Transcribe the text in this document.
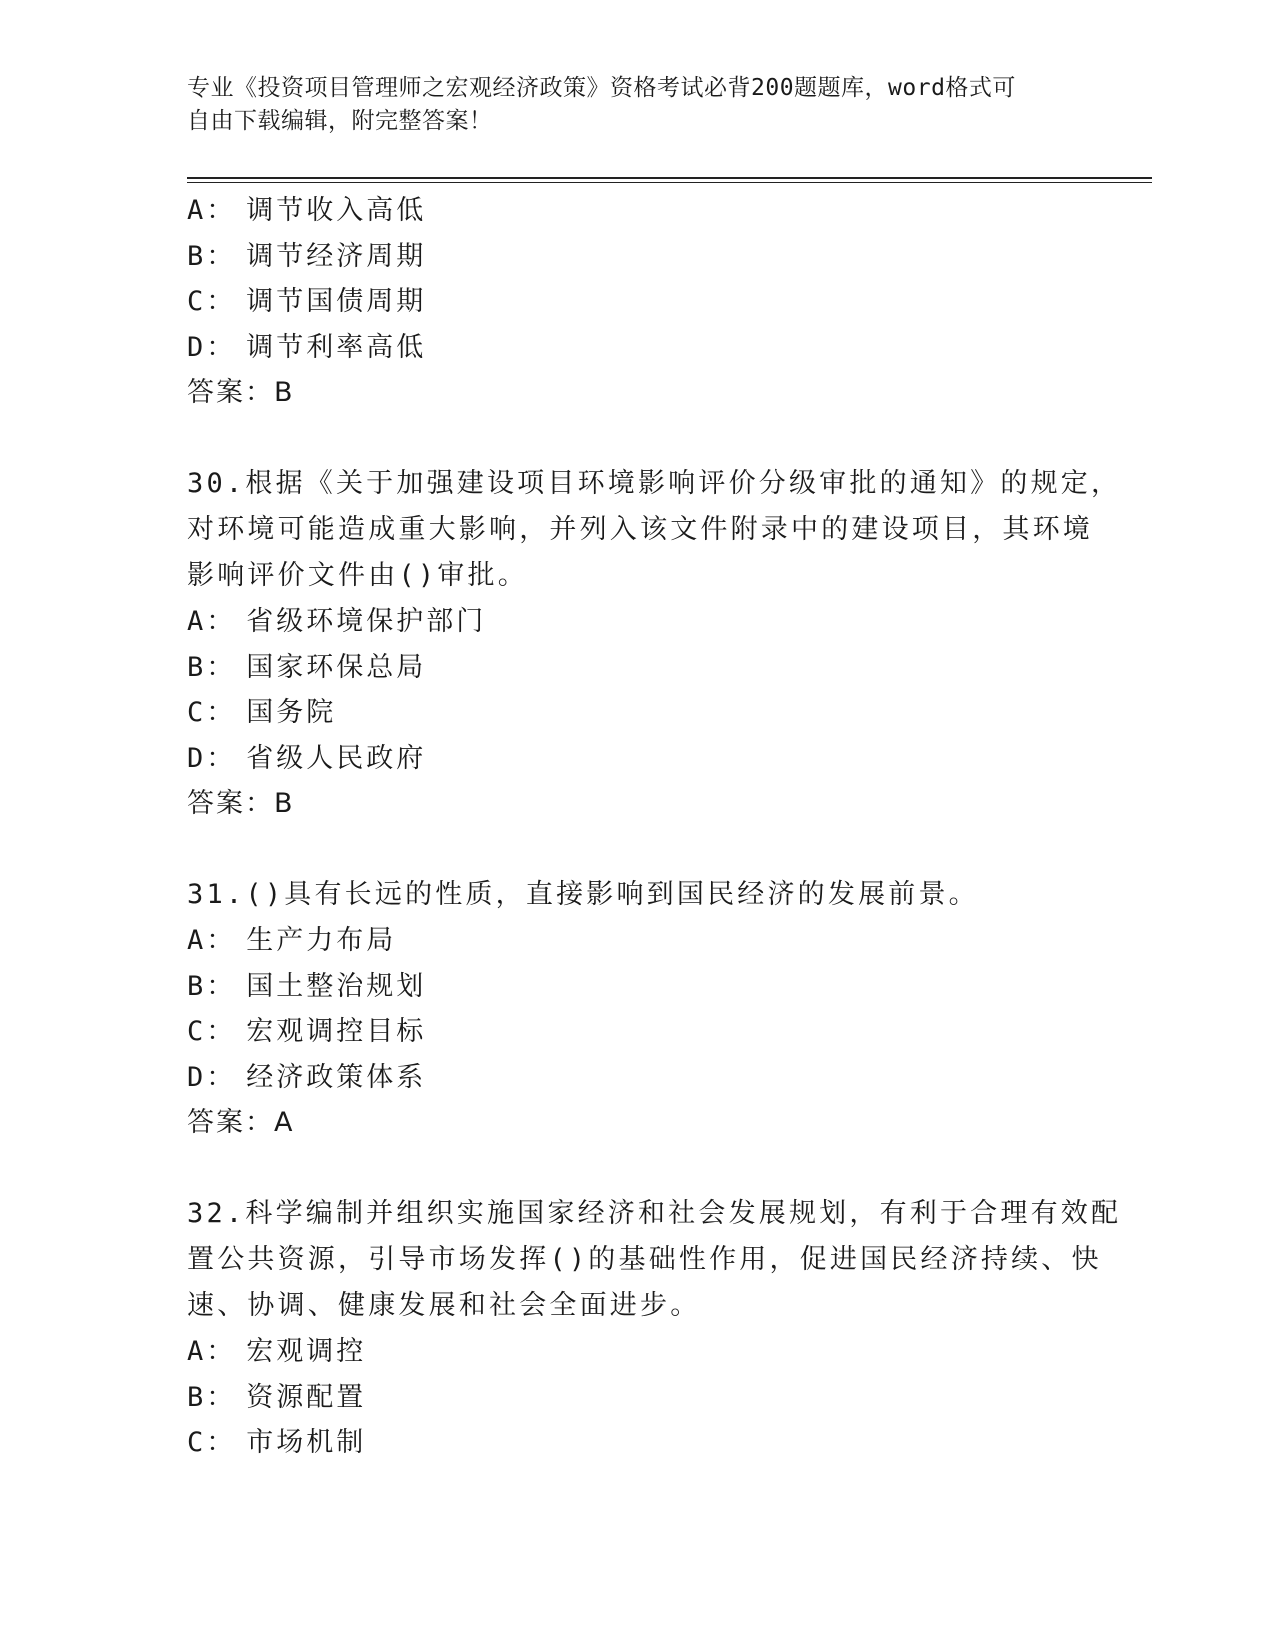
专业《投资项目管理师之宏观经济政策》资格考试必背200题题库，word格式可
自由下载编辑，附完整答案！
A： 调节收入高低
B： 调节经济周期
C： 调节国债周期
D： 调节利率高低
答案：B
30.根据《关于加强建设项目环境影响评价分级审批的通知》的规定，
对环境可能造成重大影响，并列入该文件附录中的建设项目，其环境
影响评价文件由()审批。
A： 省级环境保护部门
B： 国家环保总局
C： 国务院
D： 省级人民政府
答案：B
31.()具有长远的性质，直接影响到国民经济的发展前景。
A： 生产力布局
B： 国土整治规划
C： 宏观调控目标
D： 经济政策体系
答案：A
32.科学编制并组织实施国家经济和社会发展规划，有利于合理有效配
置公共资源，引导市场发挥()的基础性作用，促进国民经济持续、快
速、协调、健康发展和社会全面进步。
A： 宏观调控
B： 资源配置
C： 市场机制
